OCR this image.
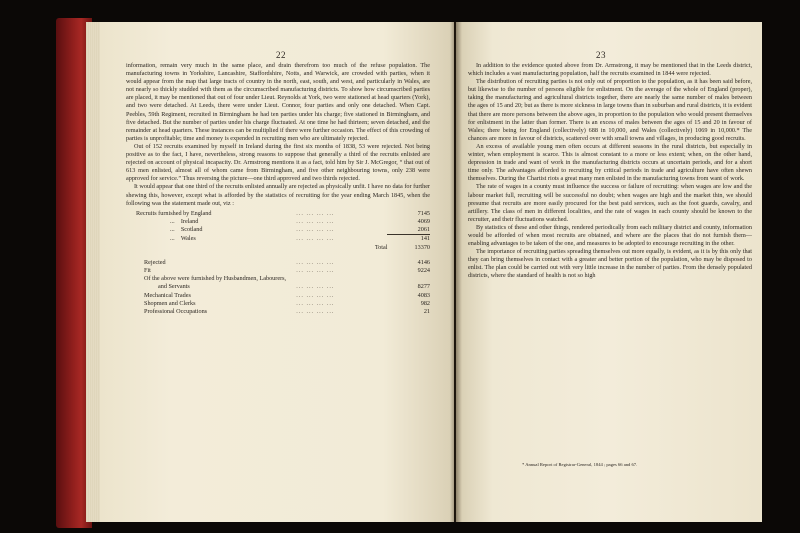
22

information, remain very much in the same place, and drain therefrom too much of the refuse population. The manufacturing towns in Yorkshire, Lancashire, Staffordshire, Notts, and Warwick, are crowded with parties, when it would appear from the map that large tracts of country in the north, east, south, and west, and particularly in Wales, are not nearly so thickly studded with them as the circumscribed manufacturing districts. To show how circumscribed parties are placed, it may be mentioned that out of four under Lieut. Reynolds at York, two were stationed at head quarters (York), and two were detached. At Leeds, there were under Lieut. Connor, four parties and only one detached. When Capt. Peebles, 59th Regiment, recruited in Birmingham he had ten parties under his charge; five stationed in Birmingham, and five detached. But the number of parties under his charge fluctuated. At one time he had thirteen; seven detached, and the remainder at head quarters. These instances can be multiplied if there were further occasion. The effect of this crowding of parties is unprofitable; time and money is expended in recruiting men who are ultimately rejected.

Out of 152 recruits examined by myself in Ireland during the first six months of 1838, 53 were rejected. Not being positive as to the fact, I have, nevertheless, strong reasons to suppose that generally a third of the recruits enlisted are rejected on account of physical incapacity. Dr. Armstrong mentions it as a fact, told him by Sir J. McGregor, “ that out of 613 men enlisted, almost all of whom came from Birmingham, and five other neighbouring towns, only 238 were approved for service.” Thus reversing the picture—one third approved and two thirds rejected.

It would appear that one third of the recruits enlisted annually are rejected as physically unfit. I have no data for further shewing this, however, except what is afforded by the statistics of recruiting for the year ending March 1845, when the following was the statement made out, viz :

Recruits furnished by England	... ... ... ...	7145
... Ireland	... ... ... ...	4069
... Scotland	... ... ... ...	2061
... Wales	... ... ... ...	141
	Total	13370

Rejected	... ... ... ...	4146
Fit	... ... ... ...	9224
Of the above were furnished by Husbandmen, Labourers,		
and Servants	... ... ... ...	8277
Mechanical Trades	... ... ... ...	4083
Shopmen and Clerks	... ... ... ...	982
Professional Occupations	... ... ... ...	21
23

In addition to the evidence quoted above from Dr. Armstrong, it may be mentioned that in the Leeds district, which includes a vast manufacturing population, half the recruits examined in 1844 were rejected.

The distribution of recruiting parties is not only out of proportion to the population, as it has been said before, but likewise to the number of persons eligible for enlistment. On the average of the whole of England (proper), taking the manufacturing and agricultural districts together, there are nearly the same number of males between the ages of 15 and 20; but as there is more sickness in large towns than in suburban and rural districts, it is evident that there are more persons between the above ages, in proportion to the population who would present themselves for enlistment in the latter than former. There is an excess of males between the ages of 15 and 20 in favour of Wales; there being for England (collectively) 688 in 10,000, and Wales (collectively) 1069 in 10,000.* The chances are more in favour of districts, scattered over with small towns and villages, in producing good recruits.

An excess of available young men often occurs at different seasons in the rural districts, but especially in winter, when employment is scarce. This is almost constant to a more or less extent; when, on the other hand, depression in trade and want of work in the manufacturing districts occurs at uncertain periods, and for a short time only. The advantages afforded to recruiting by critical periods in trade and agriculture have often shewn themselves. During the Chartist riots a great many men enlisted in the manufacturing towns from want of work.

The rate of wages in a county must influence the success or failure of recruiting: when wages are low and the labour market full, recruiting will be successful no doubt; when wages are high and the market thin, we should presume that recruits are more easily procured for the best paid services, such as the foot guards, cavalry, and artillery. The class of men in different localities, and the rate of wages in each county should be known to the recruiter, and their fluctuations watched.

By statistics of these and other things, rendered periodically from each military district and county, information would be afforded of when most recruits are obtained, and where are the places that do not furnish them—enabling advantages to be taken of the one, and measures to be adopted to encourage recruiting in the other.

The importance of recruiting parties spreading themselves out more equally, is evident, as it is by this only that they can bring themselves in contact with a greater and better portion of the population, who may be disposed to enlist. The plan could be carried out with very little increase in the number of parties. From the densely populated districts, where the standard of health is not so high

* Annual Report of Registrar-General, 1844 ; pages 66 and 67.
